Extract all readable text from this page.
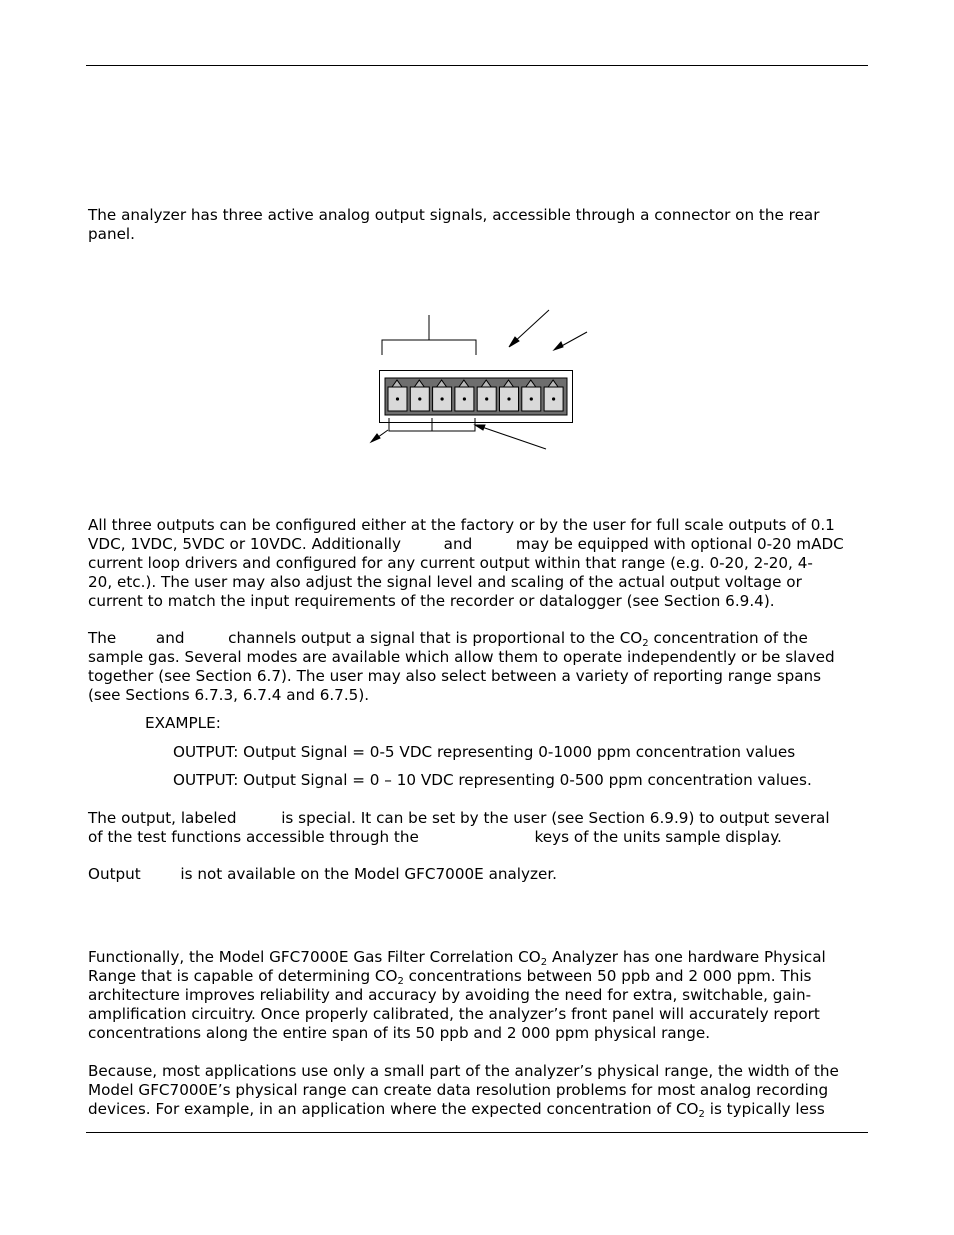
The analyzer has three active analog output signals, accessible through a connector on the rear panel.
All three outputs can be configured either at the factory or by the user for full scale outputs of 0.1
VDC, 1VDC, 5VDC or 10VDC. Additionally  and  may be equipped with optional 0-20 mADC
current loop drivers and configured for any current output within that range (e.g. 0-20, 2-20, 4-
20, etc.). The user may also adjust the signal level and scaling of the actual output voltage or
current to match the input requirements of the recorder or datalogger (see Section 6.9.4).
The  and  channels output a signal that is proportional to the $CO_2$ concentration of the
sample gas. Several modes are available which allow them to operate independently or be slaved
together (see Section 6.7). The user may also select between a variety of reporting range spans
(see Sections 6.7.3, 6.7.4 and 6.7.5).
EXAMPLE:
OUTPUT: Output Signal = 0-5 VDC representing 0-1000 ppm concentration values
OUTPUT: Output Signal = 0 – 10 VDC representing 0-500 ppm concentration values.
The output, labeled  is special. It can be set by the user (see Section 6.9.9) to output several
of the test functions accessible through the	keys of the units sample display.
Output  is not available on the Model GFC7000E analyzer.
Functionally, the Model GFC7000E Gas Filter Correlation $CO_2$ Analyzer has one hardware Physical
Range that is capable of determining $CO_2$ concentrations between 50 ppb and 2 000 ppm. This
architecture improves reliability and accuracy by avoiding the need for extra, switchable, gain-
amplification circuitry. Once properly calibrated, the analyzer’s front panel will accurately report
concentrations along the entire span of its 50 ppb and 2 000 ppm physical range.
Because, most applications use only a small part of the analyzer’s physical range, the width of the
Model GFC7000E’s physical range can create data resolution problems for most analog recording
devices. For example, in an application where the expected concentration of $CO_2$ is typically less
